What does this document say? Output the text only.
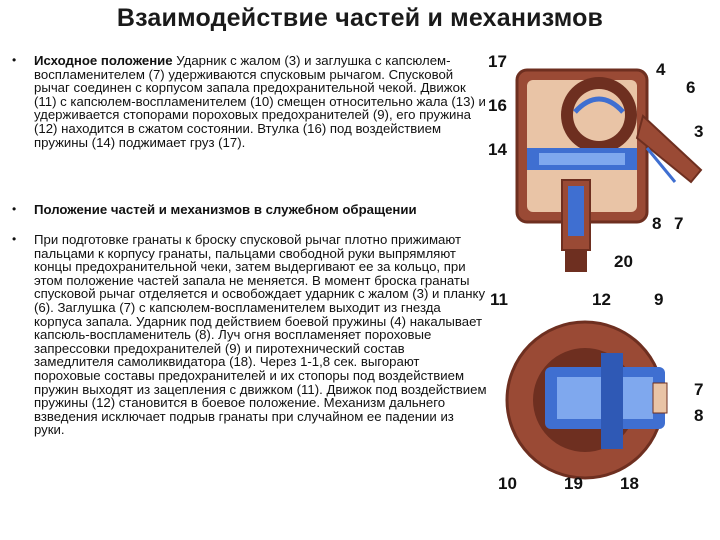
Взаимодействие частей и механизмов
• Исходное положение Ударник с жалом (3) и заглушка с капсюлем-воспламенителем (7) удерживаются спусковым рычагом. Спусковой рычаг соединен с корпусом запала предохранительной чекой. Движок (11) с капсюлем-воспламенителем (10) смещен относительно жала (13) и удерживается стопорами пороховых предохранителей (9), его пружина (12) находится в сжатом состоянии. Втулка (16) под воздействием пружины (14) поджимает груз (17).
• Положение частей и механизмов в служебном обращении
• При подготовке гранаты к броску спусковой рычаг плотно прижимают пальцами к корпусу гранаты, пальцами свободной руки выпрямляют концы предохранительной чеки, затем выдергивают ее за кольцо, при этом положение частей запала не меняется. В момент броска гранаты спусковой рычаг отделяется и освобождает ударник с жалом (3) и планку (6). Заглушка (7) с капсюлем-воспламенителем выходит из гнезда корпуса запала. Ударник под действием боевой пружины (4) накалывает капсюль-воспламенитель (8). Луч огня воспламеняет пороховые запрессовки предохранителей (9) и пиротехнический состав замедлителя самоликвидатора (18). Через 1-1,8 сек. выгорают пороховые составы предохранителей и их стопоры под воздействием пружин выходят из зацепления с движком (11). Движок под воздействием пружины (12) становится в боевое положение. Механизм дальнего взведения исключает подрыв гранаты при случайном ее падении из руки.
17	4
6
16
3
14
8 7
20
11	12	9
7
8
10	19 18
